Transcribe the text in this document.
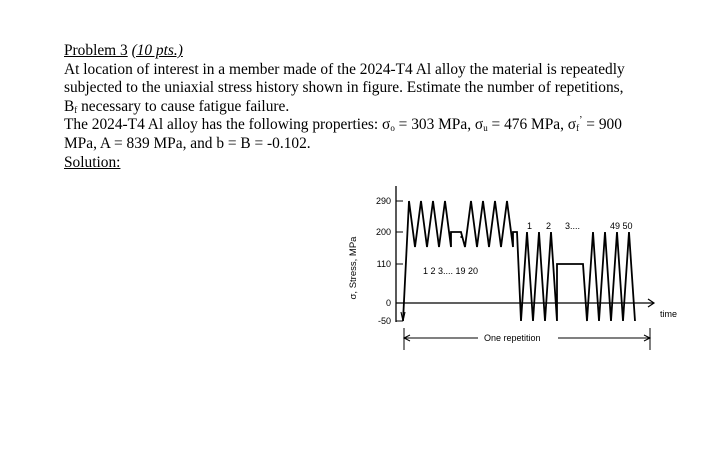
Problem 3 (10 pts.)
At location of interest in a member made of the 2024-T4 Al alloy the material is repeatedly
subjected to the uniaxial stress history shown in figure. Estimate the number of repetitions,
$B_f$ necessary to cause fatigue failure.
The 2024-T4 Al alloy has the following properties: $\sigma_o = 303$ MPa, $\sigma_u = 476$ MPa, $\sigma_f^’ = 900$
MPa, A = 839 MPa, and b = B = -0.102.
Solution:
σ, Stress, MPa
290
200
110
0
-50
1 2 3.... 19 20
1 2 3....	49 50
time
One repetition
